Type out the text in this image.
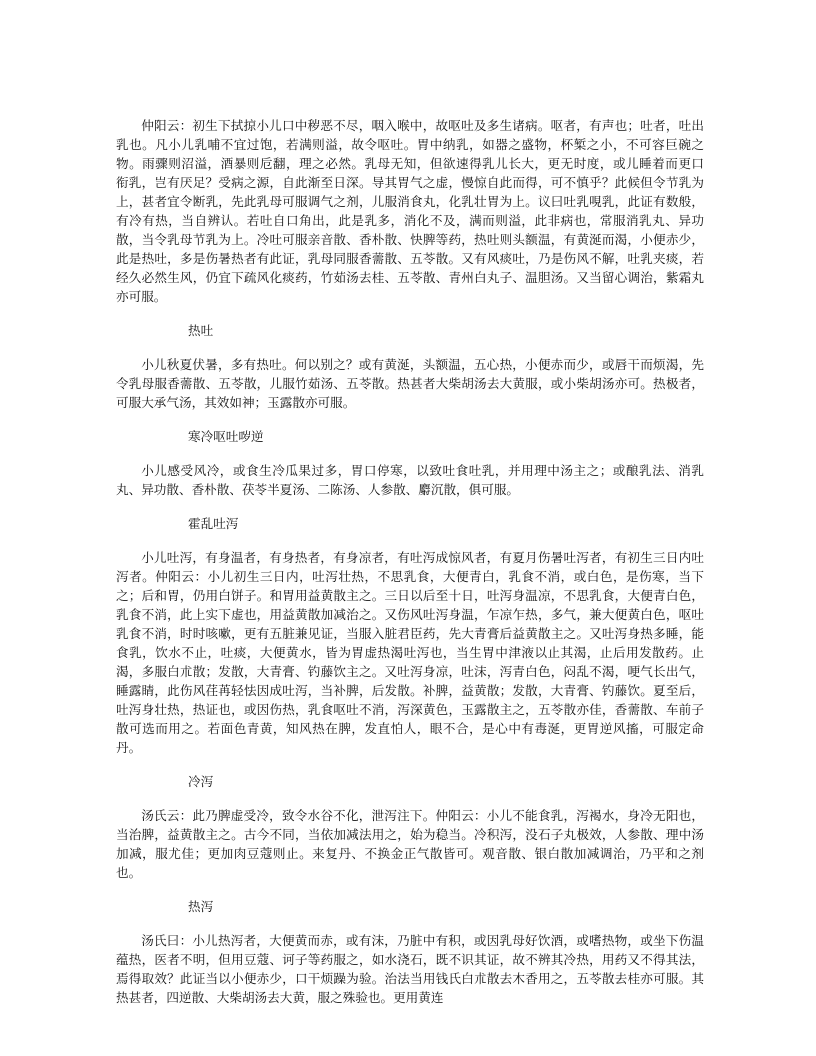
仲阳云：初生下拭掠小儿口中秽恶不尽，咽入喉中，故呕吐及多生诸病。呕者，有声也；吐者，吐出乳也。凡小儿乳哺不宜过饱，若满则溢，故令呕吐。胃中纳乳，如器之盛物，杯椠之小，不可容巨碗之物。雨骤则沼溢，酒暴则卮翻，理之必然。乳母无知，但欲速得乳儿长大，更无时度，或儿睡着而更口　衔乳，岂有厌足？受病之源，自此渐至日深。导其胃气之虚，慢惊自此而得，可不慎乎？此候但令节乳为上，甚者宜令断乳，先此乳母可服调气之剂，儿服消食丸，化乳壮胃为上。议曰吐乳哯乳，此证有数般，有冷有热，当自辨认。若吐自口角出，此是乳多，消化不及，满而则溢，此非病也，常服消乳丸、异功散，当令乳母节乳为上。冷吐可服亲音散、香朴散、快脾等药，热吐则头额温，有黄涎而渴，小便赤少，此是热吐，多是伤暑热者有此证，乳母同服香薷散、五苓散。又有风痰吐，乃是伤风不解，吐乳夹痰，若经久必然生风，仍宜下疏风化痰药，竹茹汤去桂、五苓散、青州白丸子、温胆汤。又当留心调治，紫霜丸亦可服。

热吐

小儿秋夏伏暑，多有热吐。何以别之？或有黄涎，头额温，五心热，小便赤而少，或唇干而烦渴，先令乳母服香薷散、五苓散，儿服竹茹汤、五苓散。热甚者大柴胡汤去大黄服，或小柴胡汤亦可。热极者，可服大承气汤，其效如神；玉露散亦可服。

寒冷呕吐哕逆

小儿感受风冷，或食生冷瓜果过多，胃口停寒，以致吐食吐乳，并用理中汤主之；或酿乳法、消乳丸、异功散、香朴散、茯苓半夏汤、二陈汤、人参散、麝沉散，俱可服。

霍乱吐泻

小儿吐泻，有身温者，有身热者，有身凉者，有吐泻成惊风者，有夏月伤暑吐泻者，有初生三日内吐泻者。仲阳云：小儿初生三日内，吐泻壮热，不思乳食，大便青白，乳食不消，或白色，是伤寒，当下之；后和胃，仍用白饼子。和胃用益黄散主之。三日以后至十日，吐泻身温凉，不思乳食，大便青白色，乳食不消，此上实下虚也，用益黄散加减治之。又伤风吐泻身温，乍凉乍热，多气，兼大便黄白色，呕吐乳食不消，时时咳嗽，更有五脏兼见证，当服入脏君臣药，先大青膏后益黄散主之。又吐泻身热多睡，能食乳，饮水不止，吐痰，大便黄水，皆为胃虚热渴吐泻也，当生胃中津液以止其渴，止后用发散药。止渴，多服白朮散；发散，大青膏、钓藤饮主之。又吐泻身凉，吐沫，泻青白色，闷乱不渴，哽气长出气，睡露睛，此伤风荏苒轻怯因成吐泻，当补脾，后发散。补脾，益黄散；发散，大青膏、钓藤饮。夏至后，吐泻身壮热，热证也，或因伤热，乳食呕吐不消，泻深黄色，玉露散主之，五苓散亦佳，香薷散、车前子散可选而用之。若面色青黄，知风热在脾，发直怕人，眼不合，是心中有毒涎，更胃逆风搐，可服定命丹。

冷泻

汤氏云：此乃脾虚受冷，致令水谷不化，泄泻注下。仲阳云：小儿不能食乳，泻褐水，身冷无阳也，当治脾，益黄散主之。古今不同，当依加减法用之，始为稳当。冷积泻，没石子丸极效，人参散、理中汤加减，服尤佳；更加肉豆蔻则止。来复丹、不换金正气散皆可。观音散、银白散加减调治，乃平和之剂也。

热泻

汤氏曰：小儿热泻者，大便黄而赤，或有沫，乃脏中有积，或因乳母好饮酒，或嗜热物，或坐下伤温蕴热，医者不明，但用豆蔻、诃子等药服之，如水浇石，既不识其证，故不辨其冷热，用药又不得其法，焉得取效？此证当以小便赤少，口干烦躁为验。治法当用钱氏白朮散去木香用之，五苓散去桂亦可服。其热甚者，四逆散、大柴胡汤去大黄，服之殊验也。更用黄连
